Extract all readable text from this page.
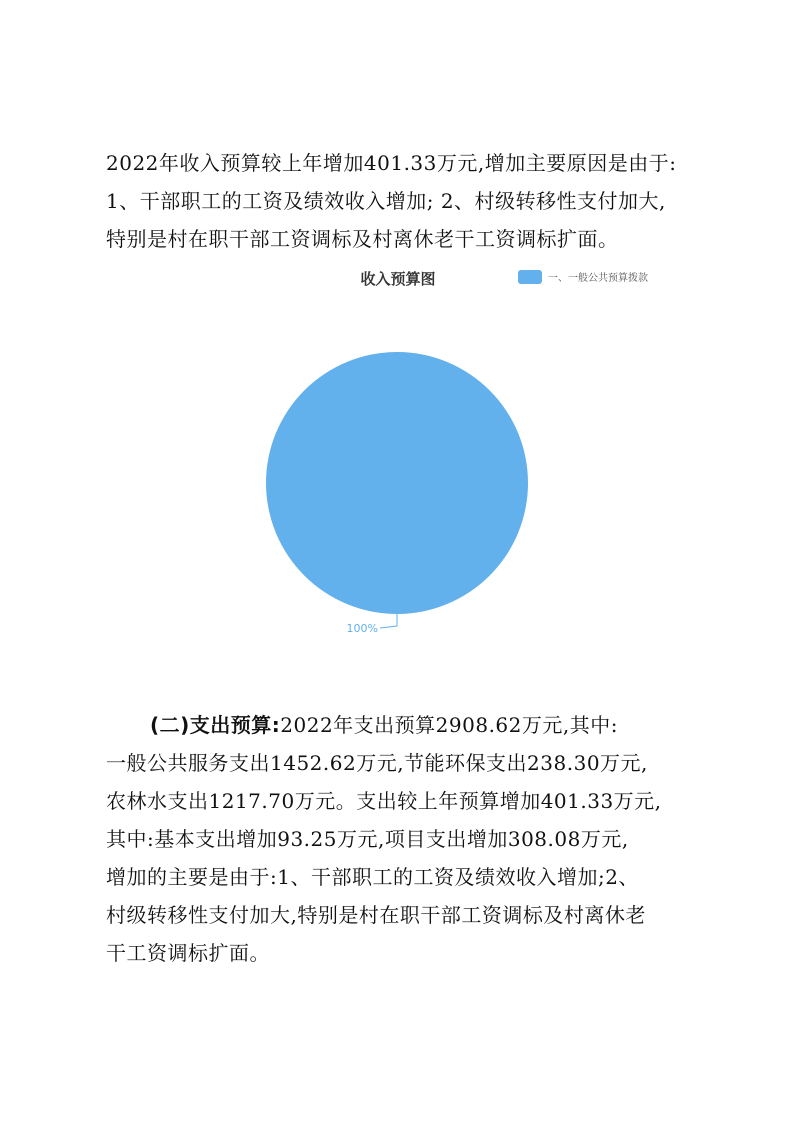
2022年收入预算较上年增加401.33万元,增加主要原因是由于:
1、干部职工的工资及绩效收入增加; 2、村级转移性支付加大,
特别是村在职干部工资调标及村离休老干工资调标扩面。
收入预算图	一、一般公共预算拨款
100%
(二)支出预算:2022年支出预算2908.62万元,其中:
一般公共服务支出1452.62万元,节能环保支出238.30万元,
农林水支出1217.70万元。支出较上年预算增加401.33万元,
其中:基本支出增加93.25万元,项目支出增加308.08万元,
增加的主要是由于:1、干部职工的工资及绩效收入增加;2、
村级转移性支付加大,特别是村在职干部工资调标及村离休老
干工资调标扩面。
